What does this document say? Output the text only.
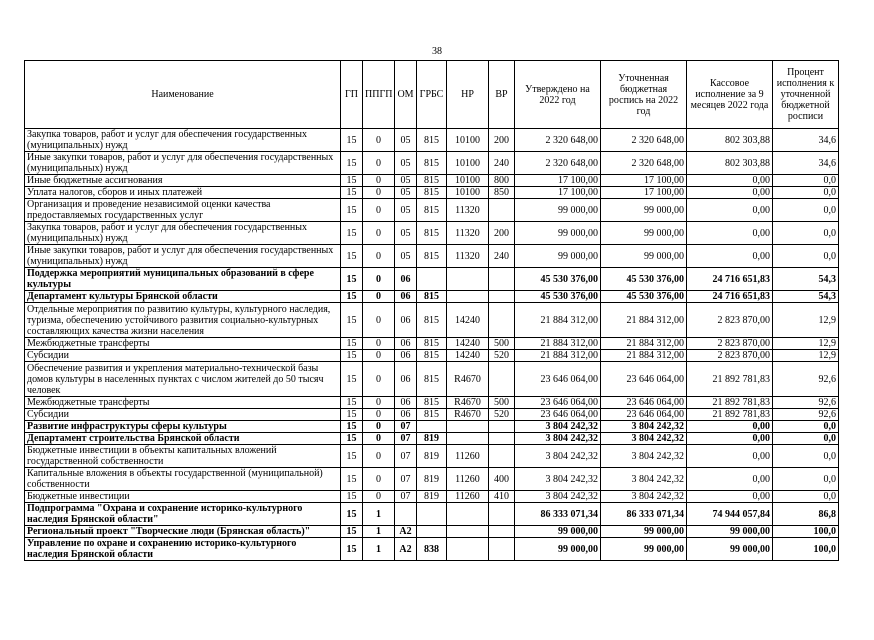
38
Наименование	ГП	ППГП	ОМ	ГРБС	НР	ВР	Утверждено на 2022 год	Уточненная бюджетная роспись на 2022 год	Кассовое исполнение за 9 месяцев 2022 года	Процент исполнения к уточненной бюджетной росписи
Закупка товаров, работ и услуг для обеспечения государственных (муниципальных) нужд	15	0	05	815	10100	200	2 320 648,00	2 320 648,00	802 303,88	34,6
Иные закупки товаров, работ и услуг для обеспечения государственных (муниципальных) нужд	15	0	05	815	10100	240	2 320 648,00	2 320 648,00	802 303,88	34,6
Иные бюджетные ассигнования	15	0	05	815	10100	800	17 100,00	17 100,00	0,00	0,0
Уплата налогов, сборов и иных платежей	15	0	05	815	10100	850	17 100,00	17 100,00	0,00	0,0
Организация и проведение независимой оценки качества предоставляемых государственных услуг	15	0	05	815	11320		99 000,00	99 000,00	0,00	0,0
Закупка товаров, работ и услуг для обеспечения государственных (муниципальных) нужд	15	0	05	815	11320	200	99 000,00	99 000,00	0,00	0,0
Иные закупки товаров, работ и услуг для обеспечения государственных (муниципальных) нужд	15	0	05	815	11320	240	99 000,00	99 000,00	0,00	0,0
Поддержка мероприятий муниципальных образований в сфере культуры	15	0	06				45 530 376,00	45 530 376,00	24 716 651,83	54,3
Департамент культуры Брянской области	15	0	06	815			45 530 376,00	45 530 376,00	24 716 651,83	54,3
Отдельные мероприятия по развитию культуры, культурного наследия, туризма, обеспечению устойчивого развития социально-культурных составляющих качества жизни населения	15	0	06	815	14240		21 884 312,00	21 884 312,00	2 823 870,00	12,9
Межбюджетные трансферты	15	0	06	815	14240	500	21 884 312,00	21 884 312,00	2 823 870,00	12,9
Субсидии	15	0	06	815	14240	520	21 884 312,00	21 884 312,00	2 823 870,00	12,9
Обеспечение развития и укрепления материально-технической базы домов культуры в населенных пунктах с числом жителей до 50 тысяч человек	15	0	06	815	R4670		23 646 064,00	23 646 064,00	21 892 781,83	92,6
Межбюджетные трансферты	15	0	06	815	R4670	500	23 646 064,00	23 646 064,00	21 892 781,83	92,6
Субсидии	15	0	06	815	R4670	520	23 646 064,00	23 646 064,00	21 892 781,83	92,6
Развитие инфраструктуры сферы культуры	15	0	07				3 804 242,32	3 804 242,32	0,00	0,0
Департамент строительства Брянской области	15	0	07	819			3 804 242,32	3 804 242,32	0,00	0,0
Бюджетные инвестиции в объекты капитальных вложений государственной собственности	15	0	07	819	11260		3 804 242,32	3 804 242,32	0,00	0,0
Капитальные вложения в объекты государственной (муниципальной) собственности	15	0	07	819	11260	400	3 804 242,32	3 804 242,32	0,00	0,0
Бюджетные инвестиции	15	0	07	819	11260	410	3 804 242,32	3 804 242,32	0,00	0,0
Подпрограмма "Охрана и сохранение историко-культурного наследия Брянской области"	15	1					86 333 071,34	86 333 071,34	74 944 057,84	86,8
Региональный проект "Творческие люди (Брянская область)"	15	1	A2				99 000,00	99 000,00	99 000,00	100,0
Управление по охране и сохранению историко-культурного наследия Брянской области	15	1	A2	838			99 000,00	99 000,00	99 000,00	100,0
